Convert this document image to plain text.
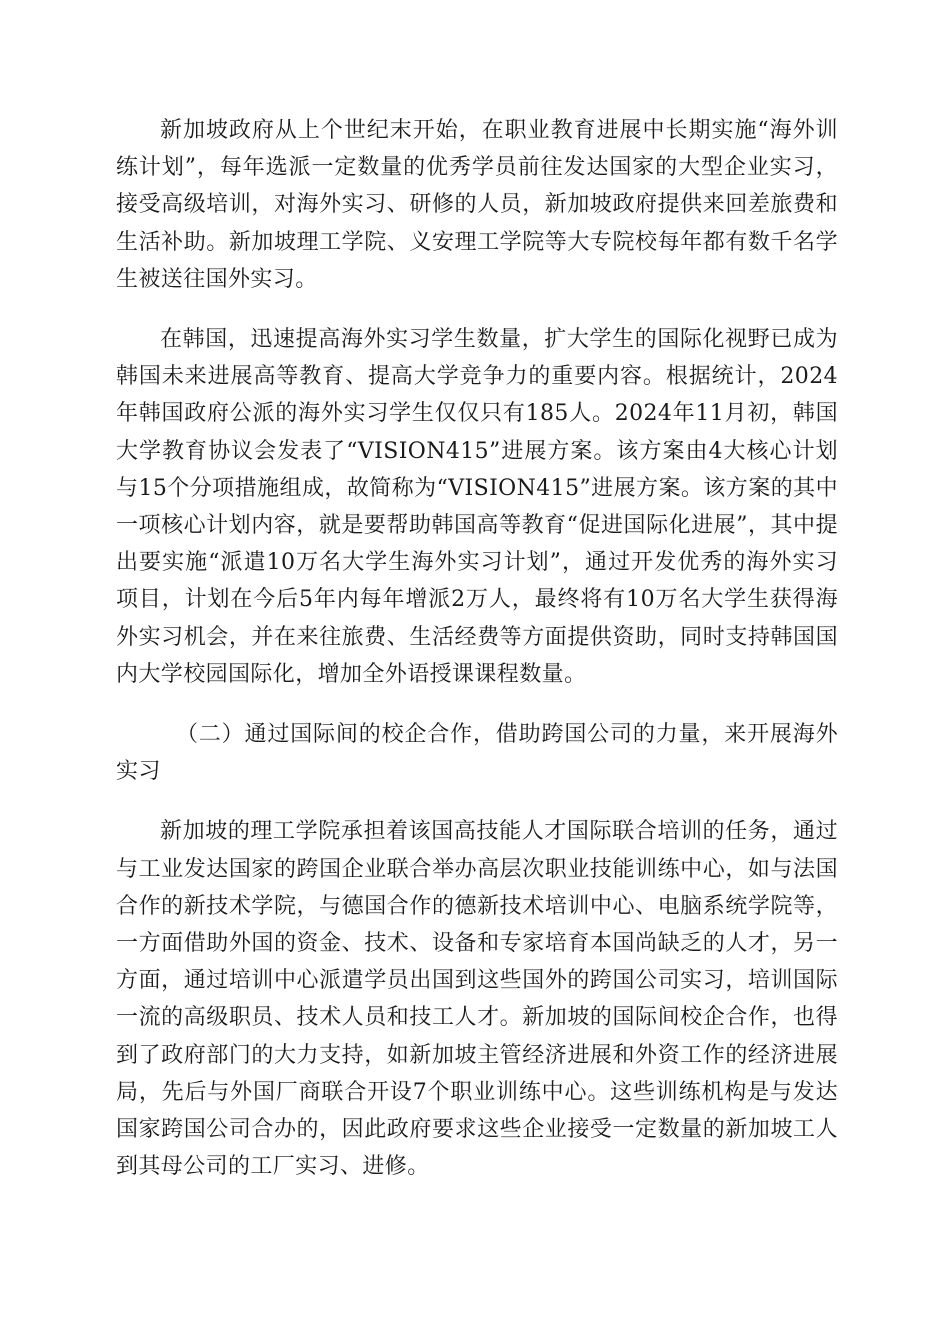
新加坡政府从上个世纪末开始，在职业教育进展中长期实施“海外训练计划”，每年选派一定数量的优秀学员前往发达国家的大型企业实习，接受高级培训，对海外实习、研修的人员，新加坡政府提供来回差旅费和生活补助。新加坡理工学院、义安理工学院等大专院校每年都有数千名学生被送往国外实习。

在韩国，迅速提高海外实习学生数量，扩大学生的国际化视野已成为韩国未来进展高等教育、提高大学竞争力的重要内容。根据统计，2024年韩国政府公派的海外实习学生仅仅只有185人。2024年11月初，韩国大学教育协议会发表了“VISION415”进展方案。该方案由4大核心计划与15个分项措施组成，故简称为“VISION415”进展方案。该方案的其中一项核心计划内容，就是要帮助韩国高等教育“促进国际化进展”，其中提出要实施“派遣10万名大学生海外实习计划”，通过开发优秀的海外实习项目，计划在今后5年内每年增派2万人，最终将有10万名大学生获得海外实习机会，并在来往旅费、生活经费等方面提供资助，同时支持韩国国内大学校园国际化，增加全外语授课课程数量。

（二）通过国际间的校企合作，借助跨国公司的力量，来开展海外实习

新加坡的理工学院承担着该国高技能人才国际联合培训的任务，通过与工业发达国家的跨国企业联合举办高层次职业技能训练中心，如与法国合作的新技术学院，与德国合作的德新技术培训中心、电脑系统学院等，一方面借助外国的资金、技术、设备和专家培育本国尚缺乏的人才，另一方面，通过培训中心派遣学员出国到这些国外的跨国公司实习，培训国际一流的高级职员、技术人员和技工人才。新加坡的国际间校企合作，也得到了政府部门的大力支持，如新加坡主管经济进展和外资工作的经济进展局，先后与外国厂商联合开设7个职业训练中心。这些训练机构是与发达国家跨国公司合办的，因此政府要求这些企业接受一定数量的新加坡工人到其母公司的工厂实习、进修。
